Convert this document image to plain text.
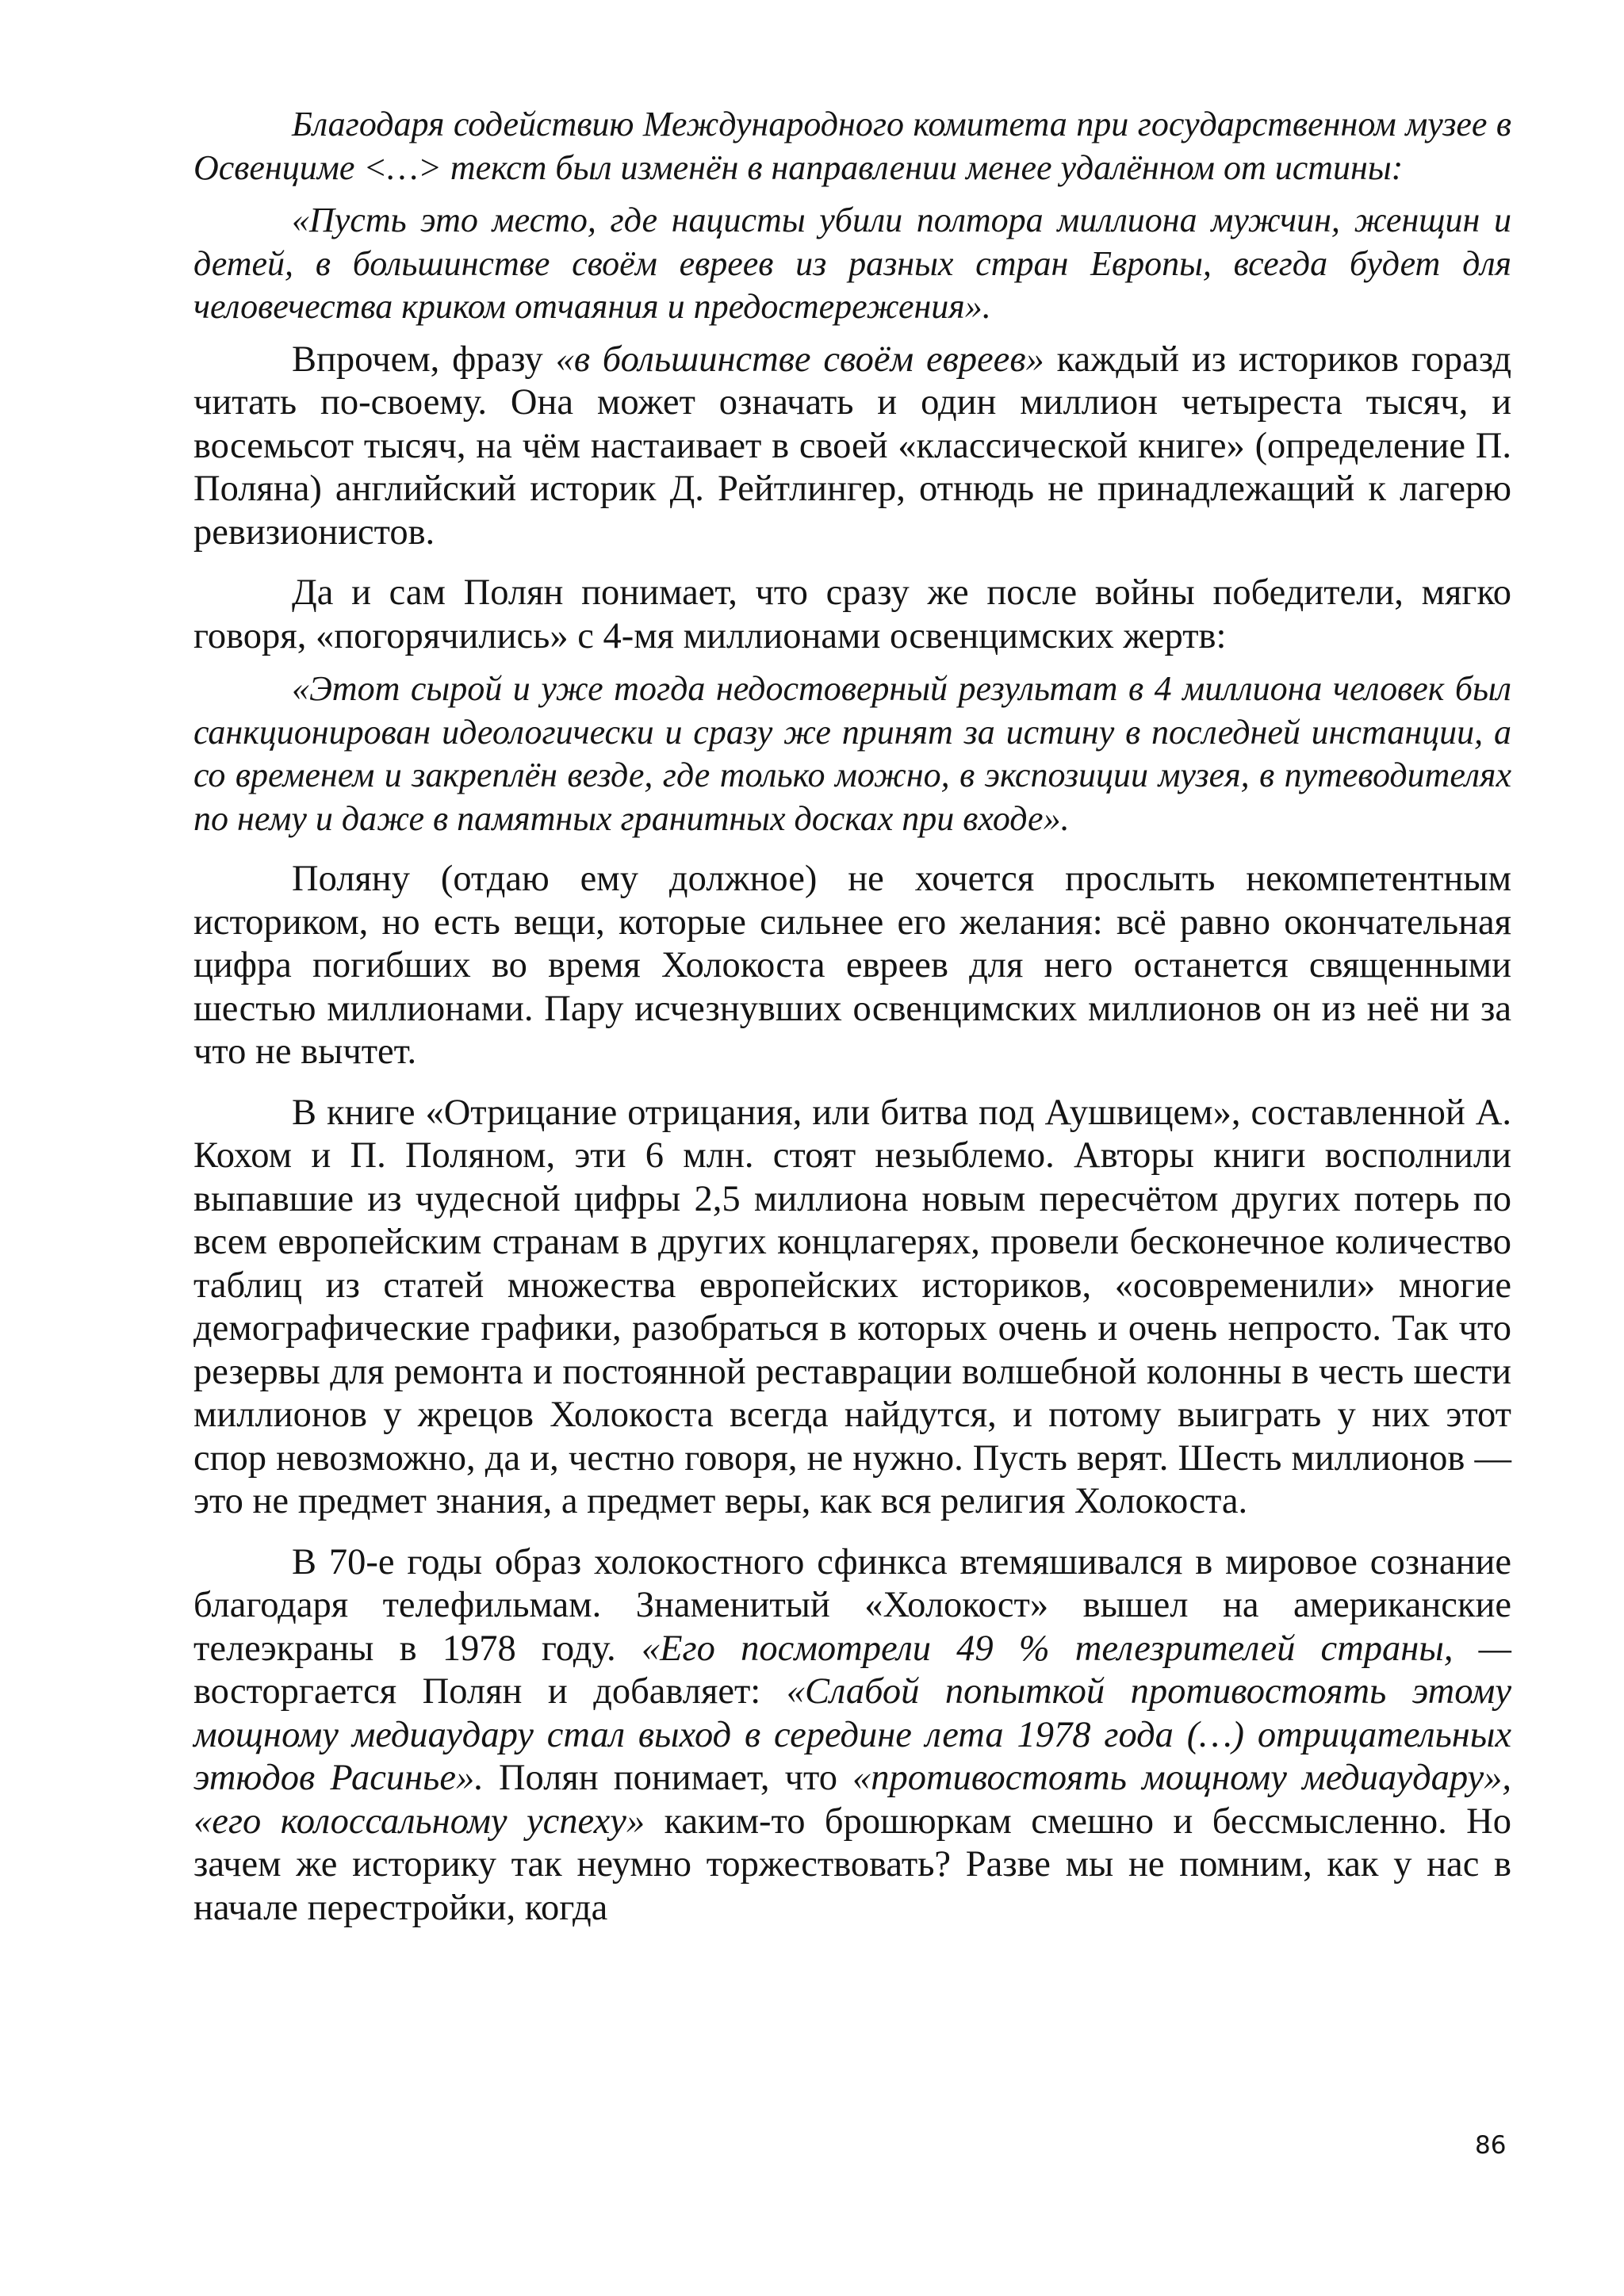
Благодаря содействию Международного комитета при государственном музее в Освенциме <…> текст был изменён в направлении менее удалённом от истины:

«Пусть это место, где нацисты убили полтора миллиона мужчин, женщин и детей, в большинстве своём евреев из разных стран Европы, всегда будет для человечества криком отчаяния и предостережения».

Впрочем, фразу «в большинстве своём евреев» каждый из историков горазд читать по-своему. Она может означать и один миллион четыреста тысяч, и восемьсот тысяч, на чём настаивает в своей «классической книге» (определение П. Поляна) английский историк Д. Рейтлингер, отнюдь не принадлежащий к лагерю ревизионистов.

Да и сам Полян понимает, что сразу же после войны победители, мягко говоря, «погорячились» с 4-мя миллионами освенцимских жертв:

«Этот сырой и уже тогда недостоверный результат в 4 миллиона человек был санкционирован идеологически и сразу же принят за истину в последней инстанции, а со временем и закреплён везде, где только можно, в экспозиции музея, в путеводителях по нему и даже в памятных гранитных досках при входе».

Поляну (отдаю ему должное) не хочется прослыть некомпетентным историком, но есть вещи, которые сильнее его желания: всё равно окончательная цифра погибших во время Холокоста евреев для него останется священными шестью миллионами. Пару исчезнувших освенцимских миллионов он из неё ни за что не вычтет.

В книге «Отрицание отрицания, или битва под Аушвицем», составленной А. Кохом и П. Поляном, эти 6 млн. стоят незыблемо. Авторы книги восполнили выпавшие из чудесной цифры 2,5 миллиона новым пересчётом других потерь по всем европейским странам в других концлагерях, провели бесконечное количество таблиц из статей множества европейских историков, «осовременили» многие демографические графики, разобраться в которых очень и очень непросто. Так что резервы для ремонта и постоянной реставрации волшебной колонны в честь шести миллионов у жрецов Холокоста всегда найдутся, и потому выиграть у них этот спор невозможно, да и, честно говоря, не нужно. Пусть верят. Шесть миллионов — это не предмет знания, а предмет веры, как вся религия Холокоста.

В 70-е годы образ холокостного сфинкса втемяшивался в мировое сознание благодаря телефильмам. Знаменитый «Холокост» вышел на американские телеэкраны в 1978 году. «Его посмотрели 49 % телезрителей страны, — восторгается Полян и добавляет: «Слабой попыткой противостоять этому мощному медиаудару стал выход в середине лета 1978 года (…) отрицательных этюдов Расинье». Полян понимает, что «противостоять мощному медиаудару», «его колоссальному успеху» каким-то брошюркам смешно и бессмысленно. Но зачем же историку так неумно торжествовать? Разве мы не помним, как у нас в начале перестройки, когда

86
